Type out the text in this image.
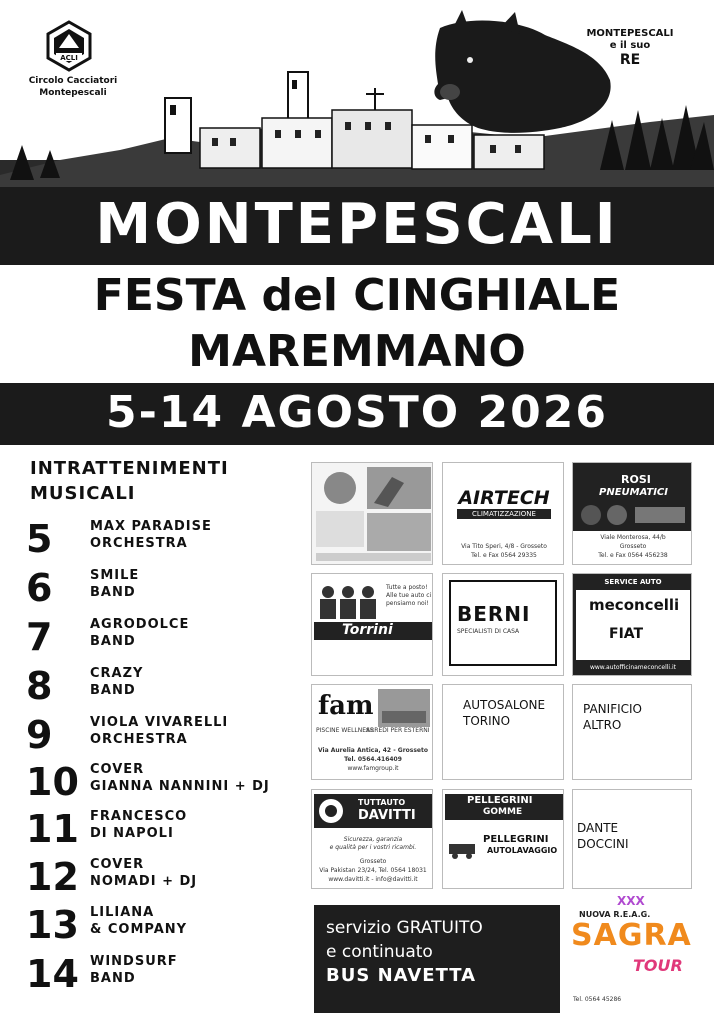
ACLI
Circolo Cacciatori
Montepescali
MONTEPESCALI
e il suo
RE
MONTEPESCALI
FESTA del CINGHIALE
MAREMMANO
5-14 AGOSTO 2026
INTRATTENIMENTI
MUSICALI
5	MAX PARADISE
ORCHESTRA
6	SMILE
BAND
7	AGRODOLCE
BAND
8	CRAZY
BAND
9	VIOLA VIVARELLI
ORCHESTRA
10 COVER
GIANNA NANNINI + DJ
11 FRANCESCO
DI NAPOLI
12 COVER
NOMADI + DJ
13 LILIANA
& COMPANY
14 WINDSURF
BAND
AIRTECH
CLIMATIZZAZIONE
Via Tito Speri, 4/8 - Grosseto
Tel. e Fax 0564 29335
ROSI
PNEUMATICI
Viale Monterosa, 44/b
Grosseto
Tel. e Fax 0564 456238
Tutte a posto! Alle tue auto ci pensiamo noi!
Torrini
BERNI
SPECIALISTI DI CASA
SERVICE AUTO
meconcelli
FIAT
www.autofficinameconcelli.it
fam
PISCINE WELLNESS
ARREDI PER ESTERNI
Via Aurelia Antica, 42 - Grosseto
Tel. 0564.416409
www.famgroup.it
AUTOSALONE
TORINO
PANIFICIO
ALTRO
TUTTAUTO
DAVITTI
Sicurezza, garanzia
e qualità per i vostri ricambi.
Grosseto
Via Pakistan 23/24, Tel. 0564 18031
www.davitti.it - info@davitti.it
PELLEGRINI
GOMME
PELLEGRINI
AUTOLAVAGGIO
DANTE
DOCCINI
servizio GRATUITO
e continuato
BUS NAVETTA
XXX
NUOVA R.E.A.G.
SAGRA
TOUR
Tel. 0564 45286
